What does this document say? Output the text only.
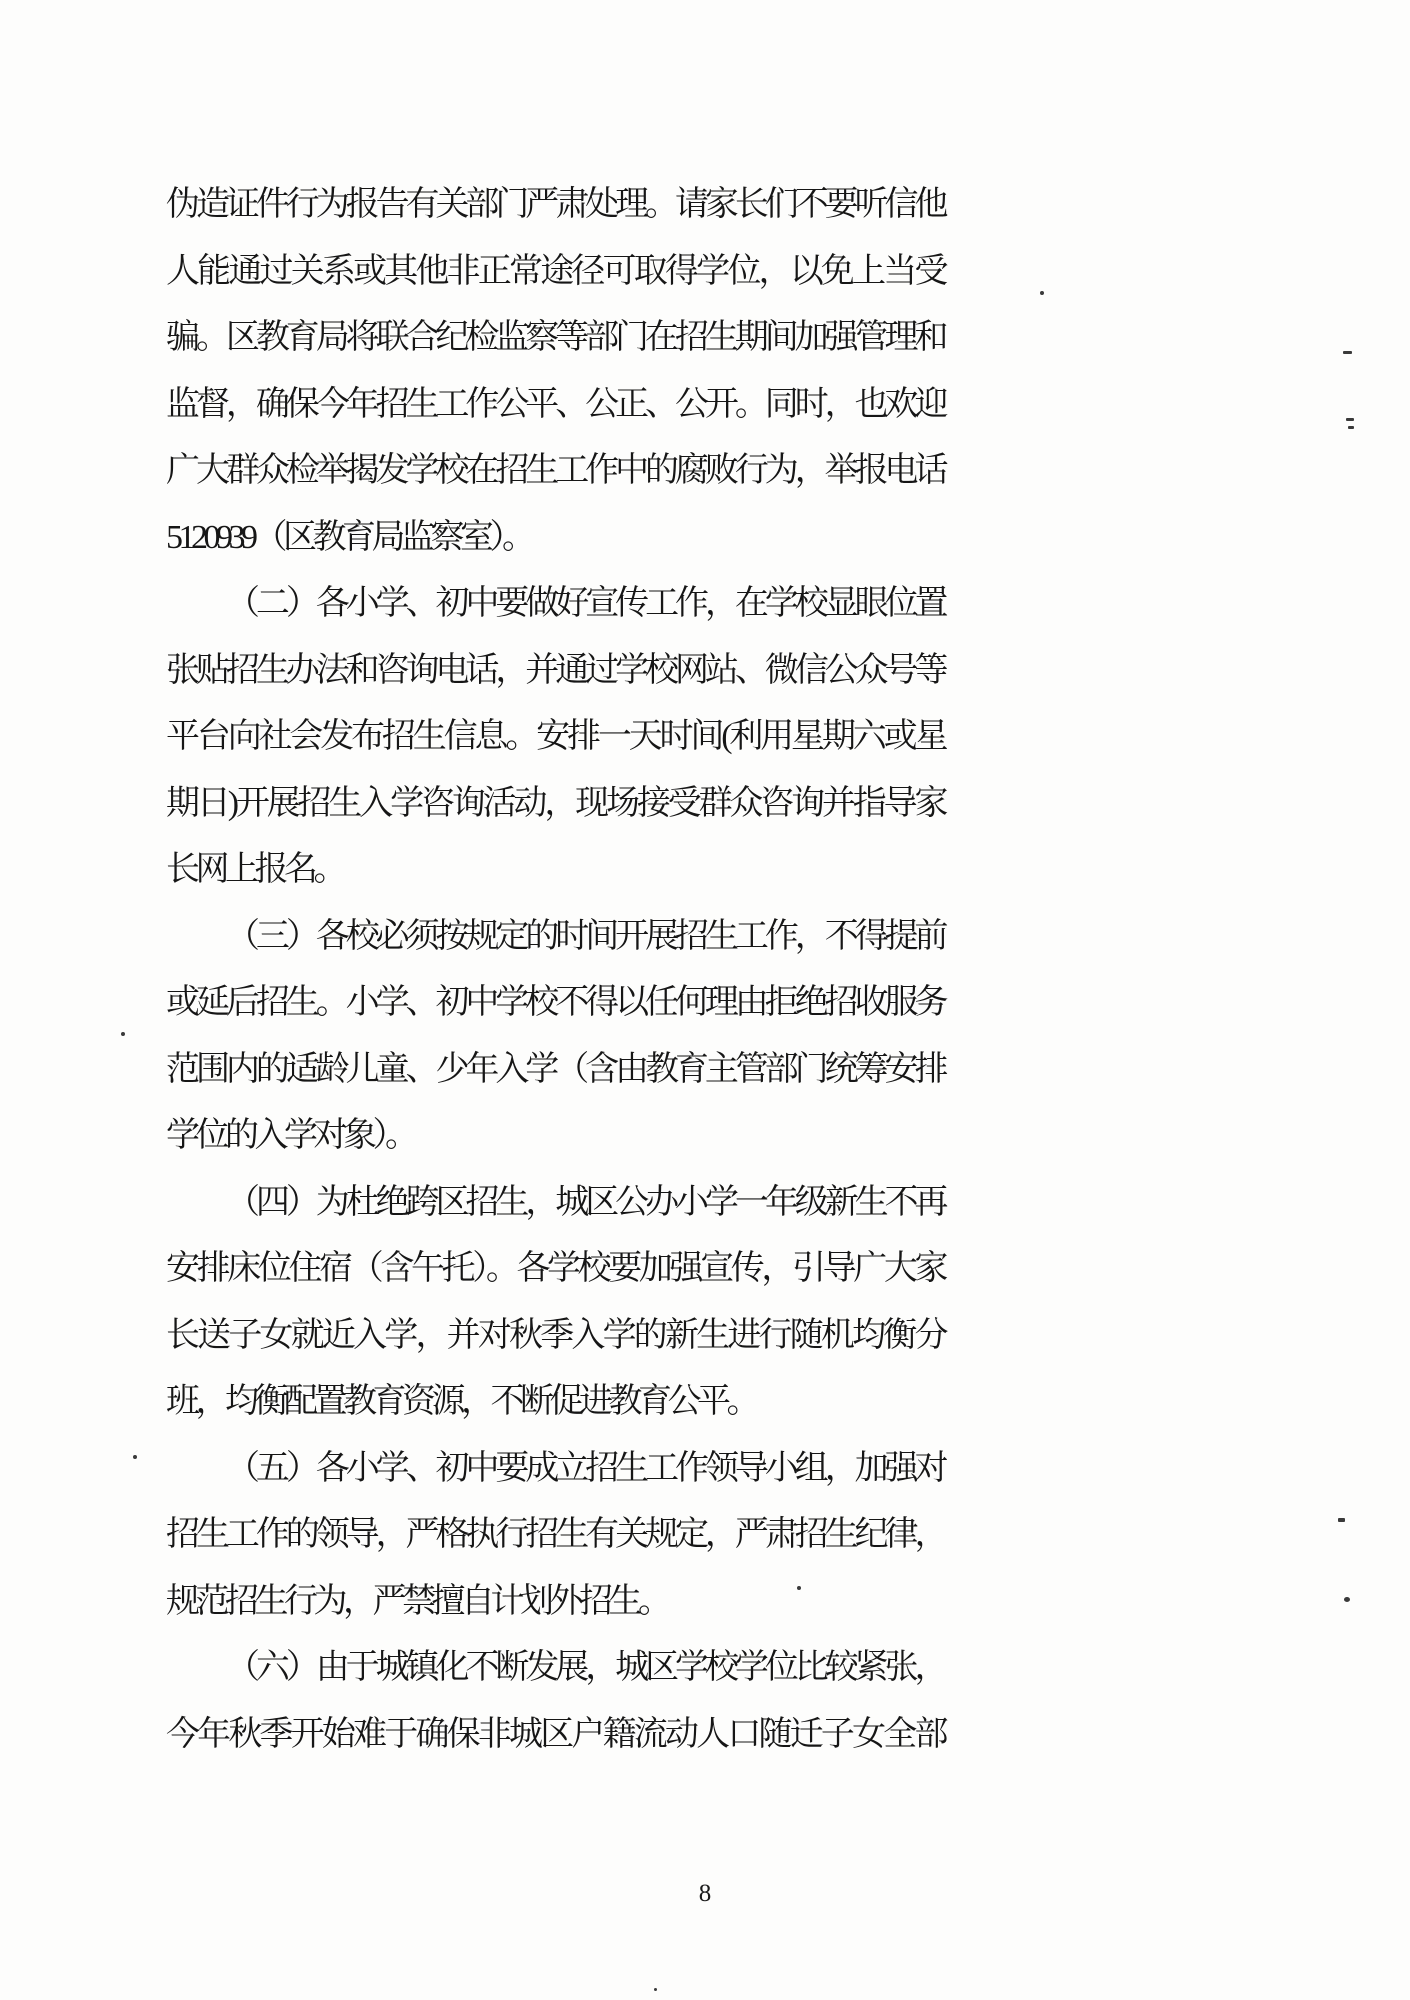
伪造证件行为报告有关部门严肃处理。请家长们不要听信他
人能通过关系或其他非正常途径可取得学位，以免上当受
骗。区教育局将联合纪检监察等部门在招生期间加强管理和
监督，确保今年招生工作公平、公正、公开。同时，也欢迎
广大群众检举揭发学校在招生工作中的腐败行为，举报电话
5120939（区教育局监察室）。
（二）各小学、初中要做好宣传工作，在学校显眼位置
张贴招生办法和咨询电话，并通过学校网站、微信公众号等
平台向社会发布招生信息。安排一天时间(利用星期六或星
期日)开展招生入学咨询活动，现场接受群众咨询并指导家
长网上报名。
（三）各校必须按规定的时间开展招生工作，不得提前
或延后招生。小学、初中学校不得以任何理由拒绝招收服务
范围内的适龄儿童、少年入学（含由教育主管部门统筹安排
学位的入学对象）。
（四）为杜绝跨区招生，城区公办小学一年级新生不再
安排床位住宿（含午托）。各学校要加强宣传，引导广大家
长送子女就近入学，并对秋季入学的新生进行随机均衡分
班，均衡配置教育资源，不断促进教育公平。
（五）各小学、初中要成立招生工作领导小组，加强对
招生工作的领导，严格执行招生有关规定，严肃招生纪律，
规范招生行为，严禁擅自计划外招生。
（六）由于城镇化不断发展，城区学校学位比较紧张，
今年秋季开始难于确保非城区户籍流动人口随迁子女全部
8
